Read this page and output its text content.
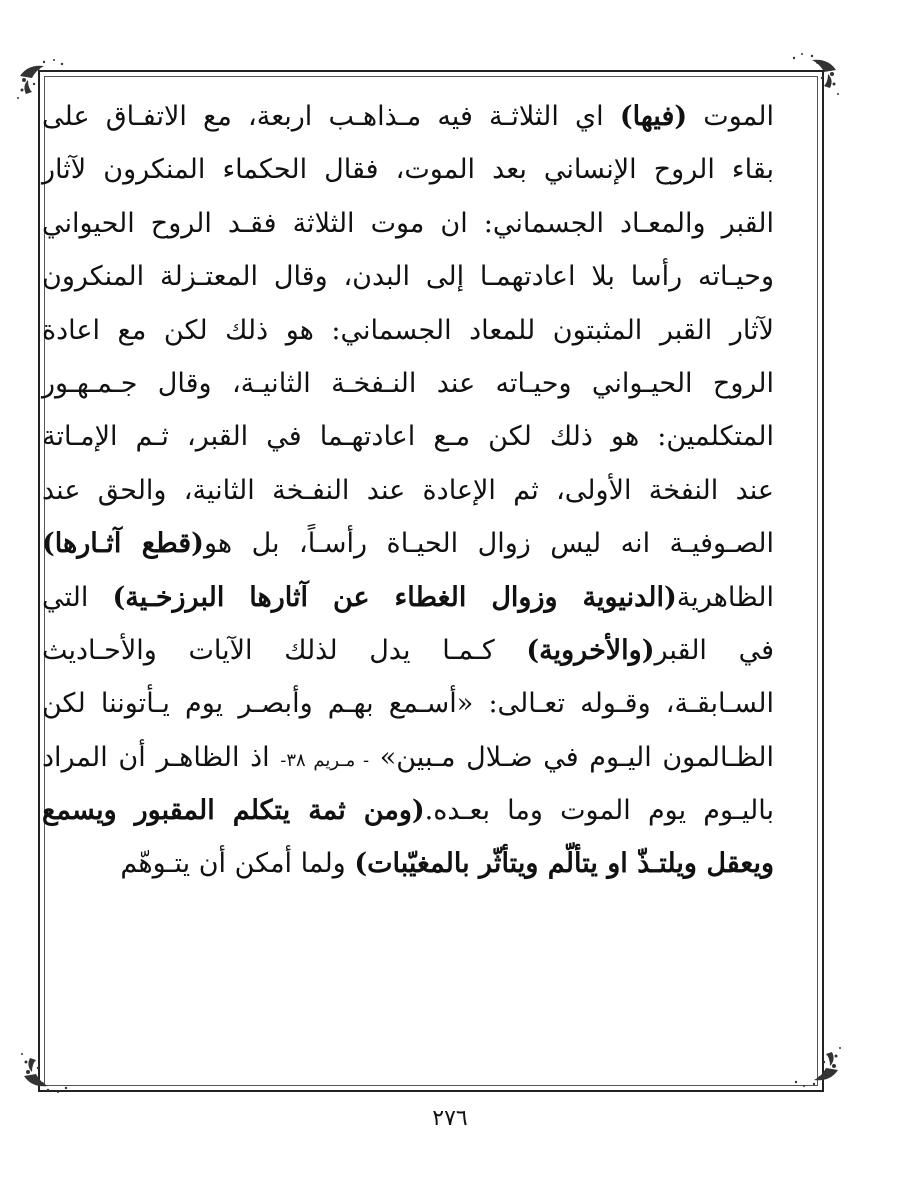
الموت (فيها) اي الثلاثـة فيه مـذاهـب اربعة، مع الاتفـاق على
بقاء الروح الإنساني بعد الموت، فقال الحكماء المنكرون لآثار
القبر والمعـاد الجسماني: ان موت الثلاثة فقـد الروح الحيواني
وحيـاته رأسا بلا اعادتهمـا إلى البدن، وقال المعتـزلة المنكرون
لآثار القبر المثبتون للمعاد الجسماني: هو ذلك لكن مع اعادة
الروح الحيـواني وحيـاته عند النـفخـة الثانيـة، وقال جـمـهـور
المتكلمين: هو ذلك لكن مـع اعادتهـما في القبر، ثـم الإمـاتة
عند النفخة الأولى، ثم الإعادة عند النفـخة الثانية، والحق عند
الصـوفيـة انه ليس زوال الحيـاة رأسـاً، بل هو(قطع آثـارها)
الظاهرية(الدنيوية وزوال الغطاء عن آثارها البرزخـية) التي
في القبر(والأخروية) كـمـا يدل لذلك الآيات والأحـاديث
السـابقـة، وقـوله تعـالى: «أسـمع بهـم وأبصـر يوم يـأتوننا لكن
الظـالمون اليـوم في ضـلال مـبين» - مـريم ٣٨- اذ الظاهـر أن المراد
باليـوم يوم الموت وما بعـده.(ومن ثمة يتكلم المقبور ويسمع
ويعقل ويلتـذّ او يتألّم ويتأثّر بالمغيّبات) ولما أمكن أن يتـوهّم
٢٧٦
